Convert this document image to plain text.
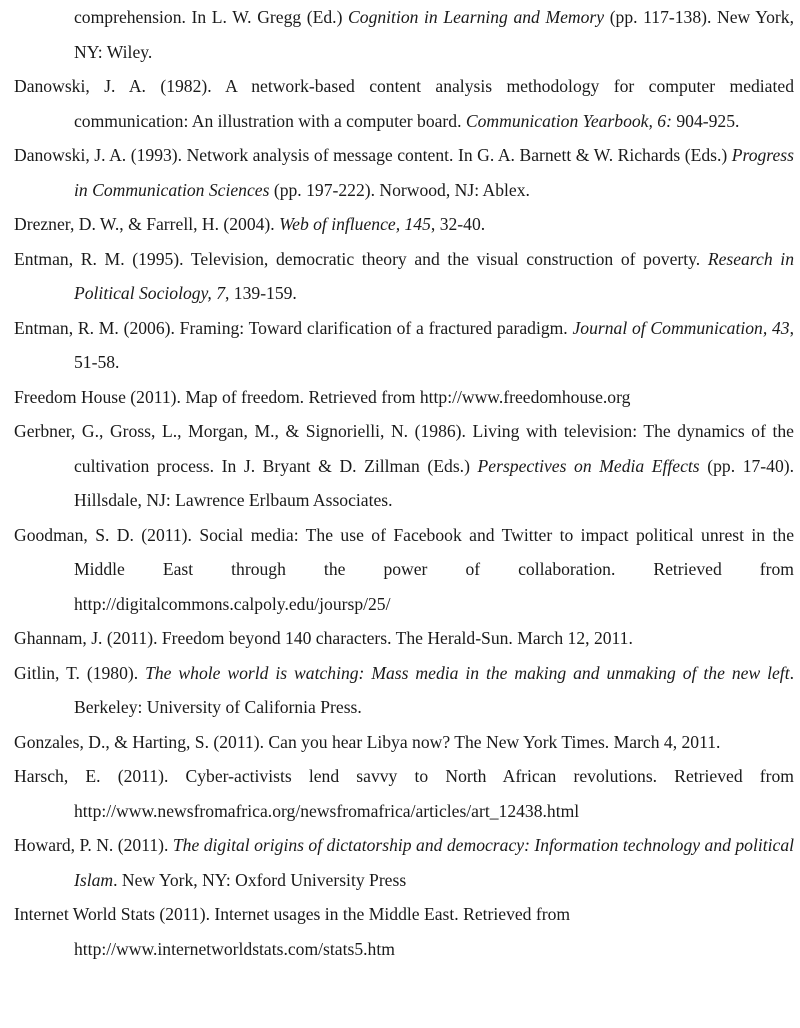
comprehension. In L. W. Gregg (Ed.) Cognition in Learning and Memory (pp. 117-138). New York, NY: Wiley.

Danowski, J. A. (1982). A network-based content analysis methodology for computer mediated communication: An illustration with a computer board. Communication Yearbook, 6: 904-925.

Danowski, J. A. (1993). Network analysis of message content. In G. A. Barnett & W. Richards (Eds.) Progress in Communication Sciences (pp. 197-222). Norwood, NJ: Ablex.

Drezner, D. W., & Farrell, H. (2004). Web of influence, 145, 32-40.

Entman, R. M. (1995). Television, democratic theory and the visual construction of poverty. Research in Political Sociology, 7, 139-159.

Entman, R. M. (2006). Framing: Toward clarification of a fractured paradigm. Journal of Communication, 43, 51-58.

Freedom House (2011). Map of freedom. Retrieved from http://www.freedomhouse.org

Gerbner, G., Gross, L., Morgan, M., & Signorielli, N. (1986). Living with television: The dynamics of the cultivation process. In J. Bryant & D. Zillman (Eds.) Perspectives on Media Effects (pp. 17-40). Hillsdale, NJ: Lawrence Erlbaum Associates.

Goodman, S. D. (2011). Social media: The use of Facebook and Twitter to impact political unrest in the Middle East through the power of collaboration. Retrieved from http://digitalcommons.calpoly.edu/joursp/25/

Ghannam, J. (2011). Freedom beyond 140 characters. The Herald-Sun. March 12, 2011.

Gitlin, T. (1980). The whole world is watching: Mass media in the making and unmaking of the new left. Berkeley: University of California Press.

Gonzales, D., & Harting, S. (2011). Can you hear Libya now? The New York Times. March 4, 2011.

Harsch, E. (2011). Cyber-activists lend savvy to North African revolutions. Retrieved from http://www.newsfromafrica.org/newsfromafrica/articles/art_12438.html

Howard, P. N. (2011). The digital origins of dictatorship and democracy: Information technology and political Islam. New York, NY: Oxford University Press

Internet World Stats (2011). Internet usages in the Middle East. Retrieved from http://www.internetworldstats.com/stats5.htm
